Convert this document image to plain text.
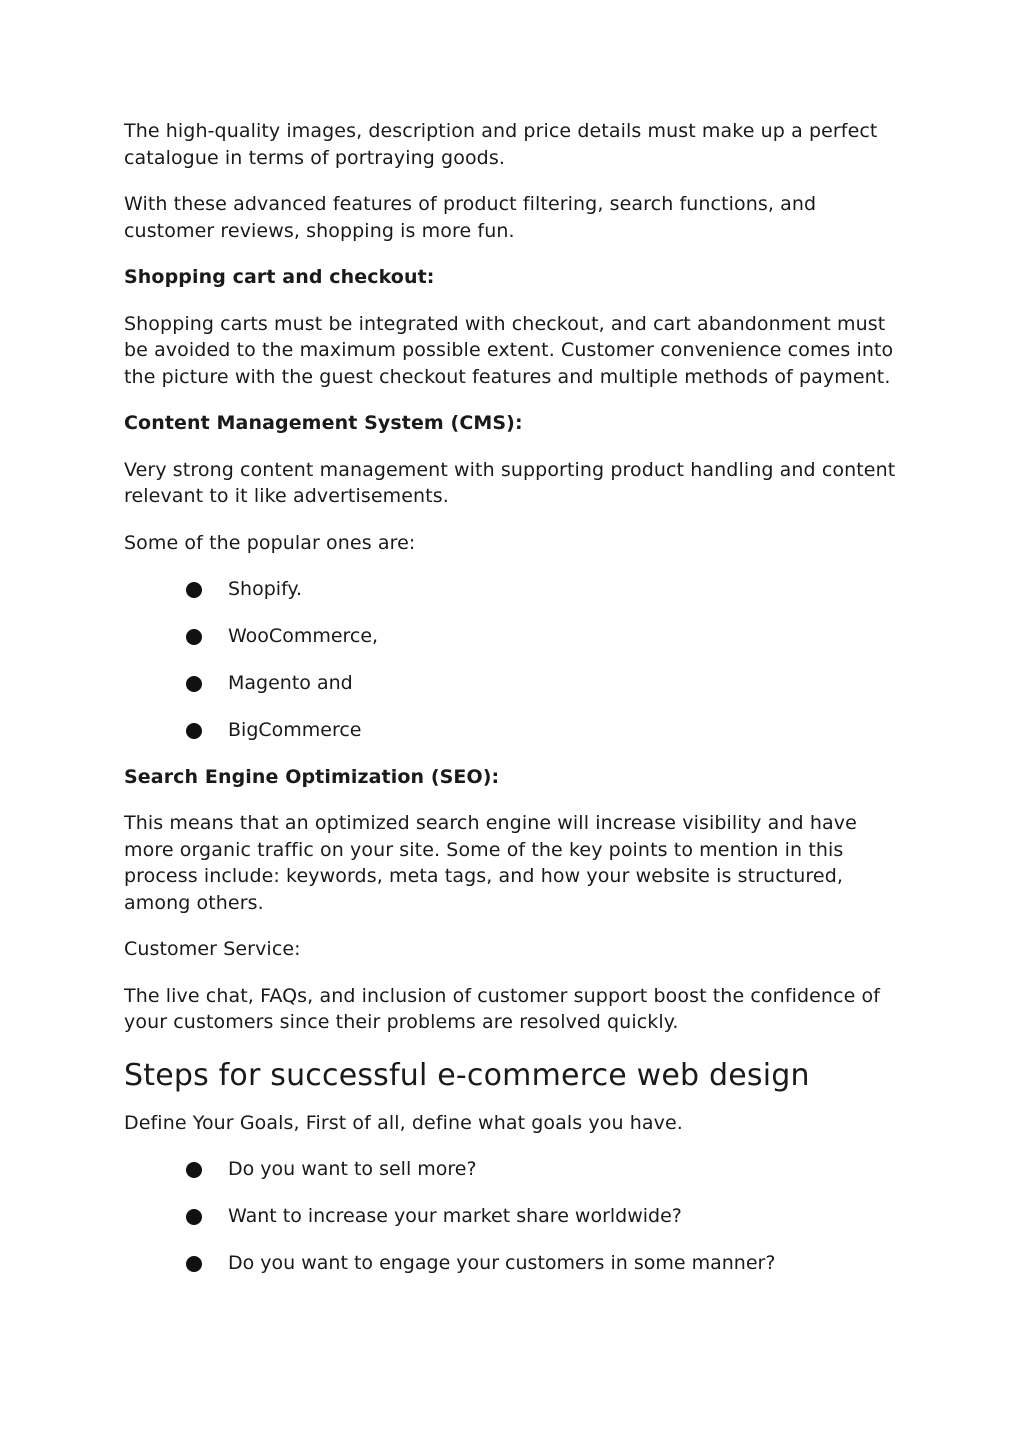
The high-quality images, description and price details must make up a perfect catalogue in terms of portraying goods.

With these advanced features of product filtering, search functions, and customer reviews, shopping is more fun.

Shopping cart and checkout:

Shopping carts must be integrated with checkout, and cart abandonment must be avoided to the maximum possible extent. Customer convenience comes into the picture with the guest checkout features and multiple methods of payment.

Content Management System (CMS):

Very strong content management with supporting product handling and content relevant to it like advertisements.

Some of the popular ones are:

Shopify.
WooCommerce,
Magento and
BigCommerce

Search Engine Optimization (SEO):

This means that an optimized search engine will increase visibility and have more organic traffic on your site. Some of the key points to mention in this process include: keywords, meta tags, and how your website is structured, among others.

Customer Service:

The live chat, FAQs, and inclusion of customer support boost the confidence of your customers since their problems are resolved quickly.

Steps for successful e-commerce web design

Define Your Goals, First of all, define what goals you have.

Do you want to sell more?
Want to increase your market share worldwide?
Do you want to engage your customers in some manner?
